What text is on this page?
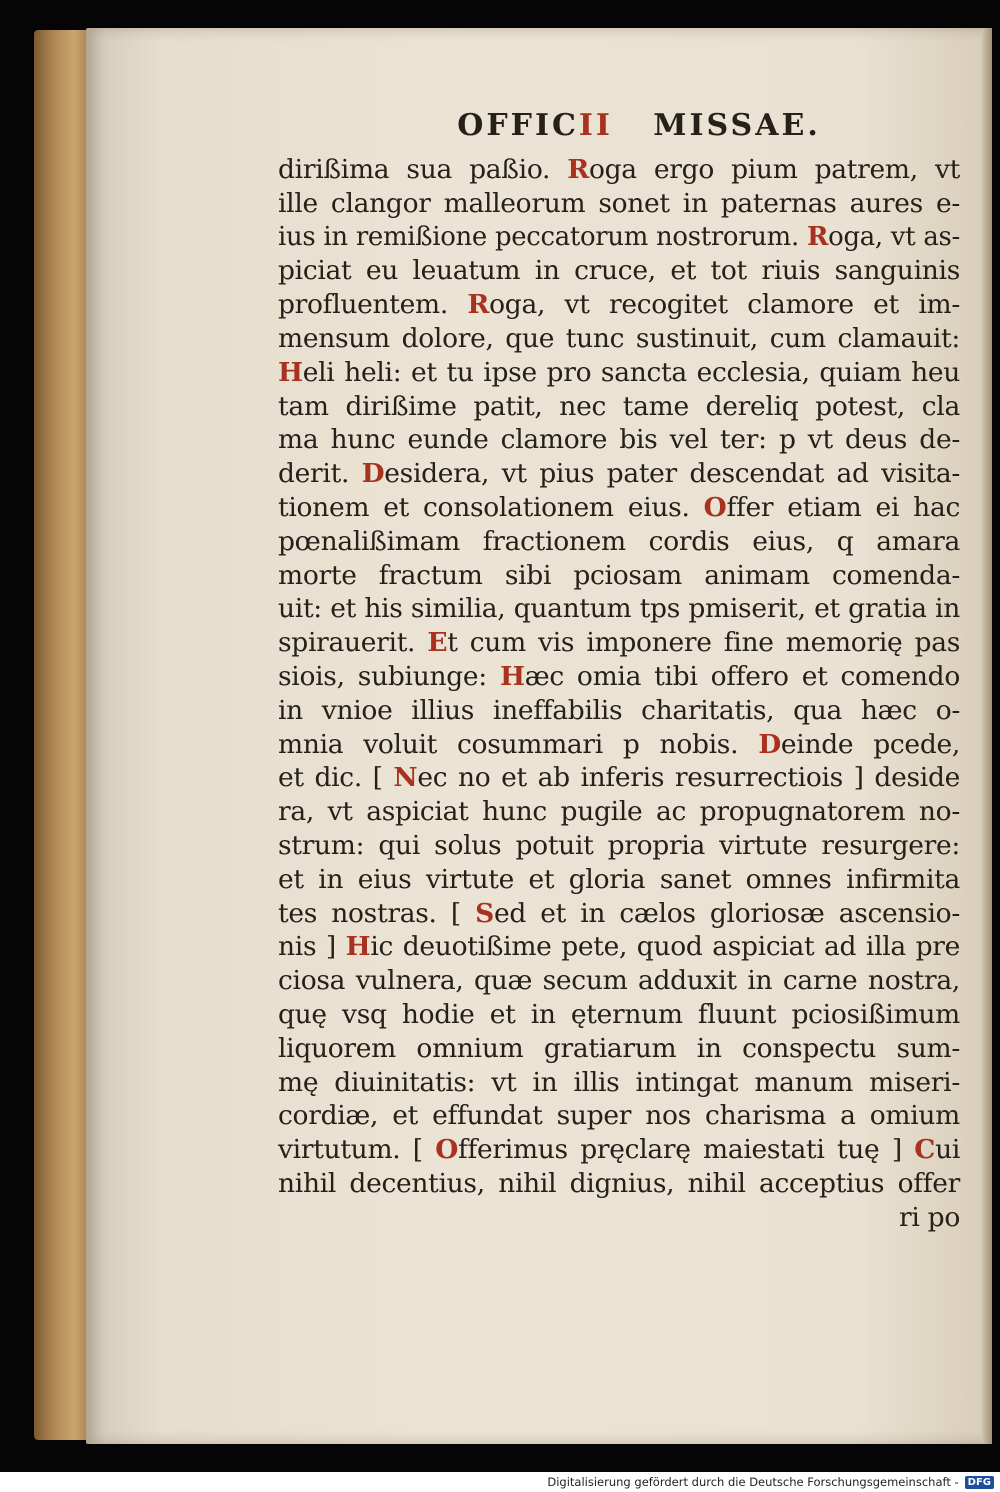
OFFICII MISSAE.
dirißima sua paßio. Roga ergo pium patrem, vt
ille clangor malleorum sonet in paternas aures e-
ius in remißione peccatorum nostrorum. Roga, vt as-
piciat eu leuatum in cruce, et tot riuis sanguinis
profluentem. Roga, vt recogitet clamore et im-
mensum dolore, que tunc sustinuit, cum clamauit:
Heli heli: et tu ipse pro sancta ecclesia, quiam heu
tam dirißime patit, nec tame dereliq potest, cla
ma hunc eunde clamore bis vel ter: p vt deus de-
derit. Desidera, vt pius pater descendat ad visita-
tionem et consolationem eius. Offer etiam ei hac
pœnalißimam fractionem cordis eius, q amara
morte fractum sibi pciosam animam comenda-
uit: et his similia, quantum tps pmiserit, et gratia in
spirauerit. Et cum vis imponere fine memorię pas
siois, subiunge: Hæc omia tibi offero et comendo
in vnioe illius ineffabilis charitatis, qua hæc o-
mnia voluit cosummari p nobis. Deinde pcede,
et dic. [ Nec no et ab inferis resurrectiois ] deside
ra, vt aspiciat hunc pugile ac propugnatorem no-
strum: qui solus potuit propria virtute resurgere:
et in eius virtute et gloria sanet omnes infirmita
tes nostras. [ Sed et in cælos gloriosæ ascensio-
nis ] Hic deuotißime pete, quod aspiciat ad illa pre
ciosa vulnera, quæ secum adduxit in carne nostra,
quę vsq hodie et in ęternum fluunt pciosißimum
liquorem omnium gratiarum in conspectu sum-
mę diuinitatis: vt in illis intingat manum miseri-
cordiæ, et effundat super nos charisma a omium
virtutum. [ Offerimus pręclarę maiestati tuę ] Cui
nihil decentius, nihil dignius, nihil acceptius offer
ri po
Digitalisierung gefördert durch die Deutsche Forschungsgemeinschaft - DFG
